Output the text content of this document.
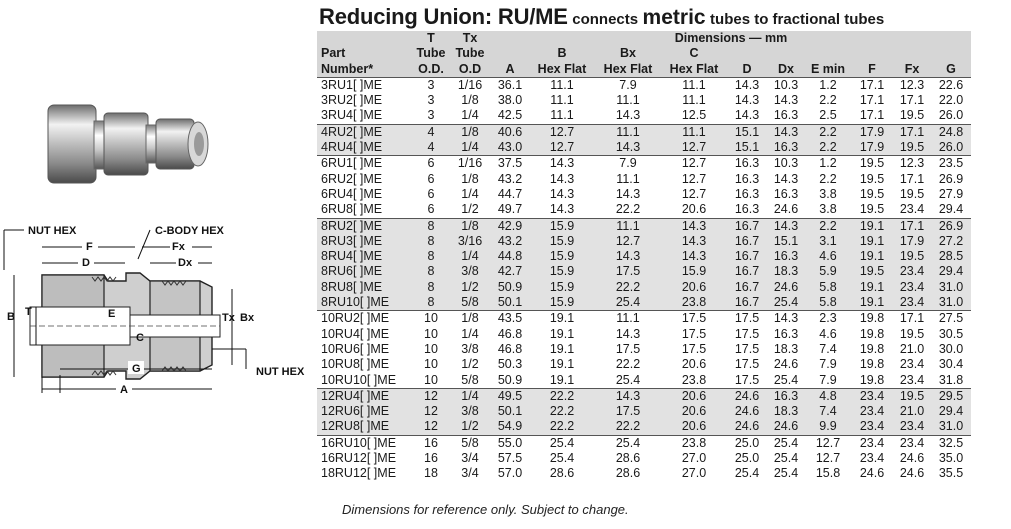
Reducing Union: RU/ME connects metric tubes to fractional tubes
NUT HEX	C-BODY HEX
F	Fx
D	Dx
B T	E
C
Tx Bx
G
A
NUT HEX
	T	Tx	Dimensions — mm									
Part	Tube	Tube		B	Bx	C						
Number*	O.D.	O.D	A	Hex Flat	Hex Flat	Hex Flat	D	Dx	E min	F	Fx	G
3RU1[ ]ME	3	1/16	36.1	11.1	7.9	11.1	14.3	10.3	1.2	17.1	12.3	22.6
3RU2[ ]ME	3	1/8	38.0	11.1	11.1	11.1	14.3	14.3	2.2	17.1	17.1	22.0
3RU4[ ]ME	3	1/4	42.5	11.1	14.3	12.5	14.3	16.3	2.5	17.1	19.5	26.0
4RU2[ ]ME	4	1/8	40.6	12.7	11.1	11.1	15.1	14.3	2.2	17.9	17.1	24.8
4RU4[ ]ME	4	1/4	43.0	12.7	14.3	12.7	15.1	16.3	2.2	17.9	19.5	26.0
6RU1[ ]ME	6	1/16	37.5	14.3	7.9	12.7	16.3	10.3	1.2	19.5	12.3	23.5
6RU2[ ]ME	6	1/8	43.2	14.3	11.1	12.7	16.3	14.3	2.2	19.5	17.1	26.9
6RU4[ ]ME	6	1/4	44.7	14.3	14.3	12.7	16.3	16.3	3.8	19.5	19.5	27.9
6RU8[ ]ME	6	1/2	49.7	14.3	22.2	20.6	16.3	24.6	3.8	19.5	23.4	29.4
8RU2[ ]ME	8	1/8	42.9	15.9	11.1	14.3	16.7	14.3	2.2	19.1	17.1	26.9
8RU3[ ]ME	8	3/16	43.2	15.9	12.7	14.3	16.7	15.1	3.1	19.1	17.9	27.2
8RU4[ ]ME	8	1/4	44.8	15.9	14.3	14.3	16.7	16.3	4.6	19.1	19.5	28.5
8RU6[ ]ME	8	3/8	42.7	15.9	17.5	15.9	16.7	18.3	5.9	19.5	23.4	29.4
8RU8[ ]ME	8	1/2	50.9	15.9	22.2	20.6	16.7	24.6	5.8	19.1	23.4	31.0
8RU10[ ]ME	8	5/8	50.1	15.9	25.4	23.8	16.7	25.4	5.8	19.1	23.4	31.0
10RU2[ ]ME	10	1/8	43.5	19.1	11.1	17.5	17.5	14.3	2.3	19.8	17.1	27.5
10RU4[ ]ME	10	1/4	46.8	19.1	14.3	17.5	17.5	16.3	4.6	19.8	19.5	30.5
10RU6[ ]ME	10	3/8	46.8	19.1	17.5	17.5	17.5	18.3	7.4	19.8	21.0	30.0
10RU8[ ]ME	10	1/2	50.3	19.1	22.2	20.6	17.5	24.6	7.9	19.8	23.4	30.4
10RU10[ ]ME	10	5/8	50.9	19.1	25.4	23.8	17.5	25.4	7.9	19.8	23.4	31.8
12RU4[ ]ME	12	1/4	49.5	22.2	14.3	20.6	24.6	16.3	4.8	23.4	19.5	29.5
12RU6[ ]ME	12	3/8	50.1	22.2	17.5	20.6	24.6	18.3	7.4	23.4	21.0	29.4
12RU8[ ]ME	12	1/2	54.9	22.2	22.2	20.6	24.6	24.6	9.9	23.4	23.4	31.0
16RU10[ ]ME	16	5/8	55.0	25.4	25.4	23.8	25.0	25.4	12.7	23.4	23.4	32.5
16RU12[ ]ME	16	3/4	57.5	25.4	28.6	27.0	25.0	25.4	12.7	23.4	24.6	35.0
18RU12[ ]ME	18	3/4	57.0	28.6	28.6	27.0	25.4	25.4	15.8	24.6	24.6	35.5
Dimensions for reference only. Subject to change.
